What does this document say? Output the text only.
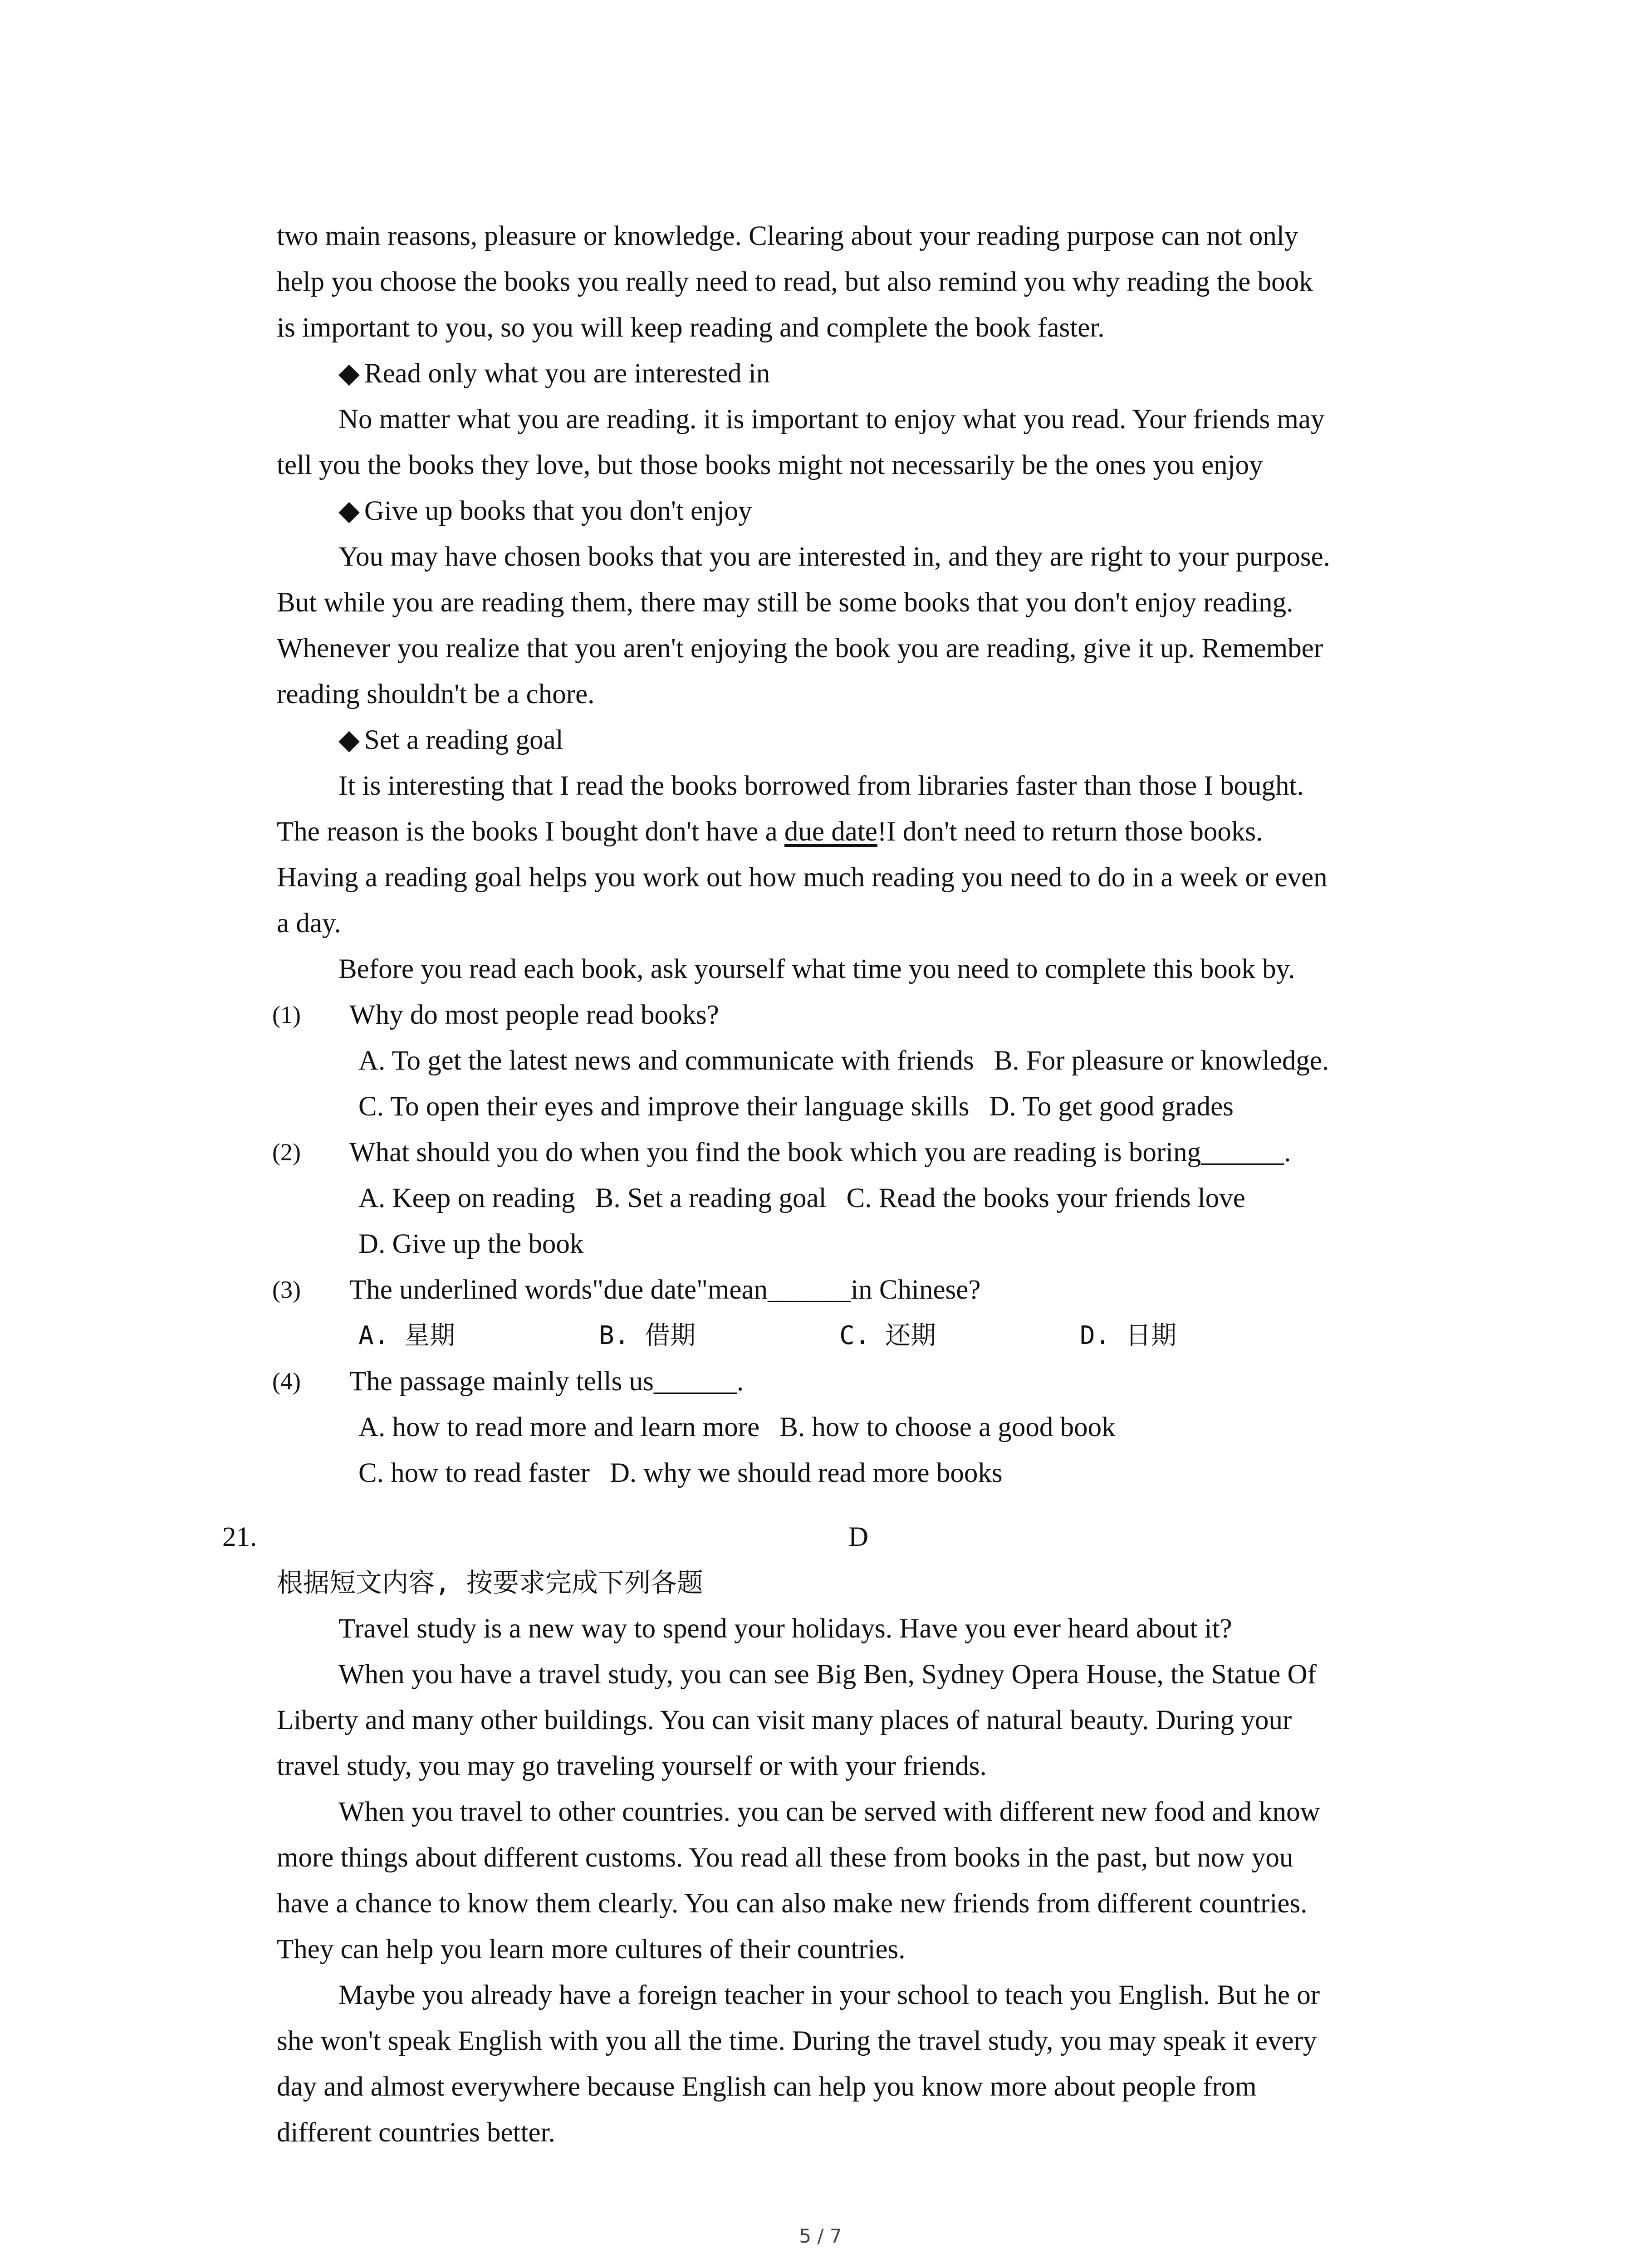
two main reasons, pleasure or knowledge. Clearing about your reading purpose can not only
help you choose the books you really need to read, but also remind you why reading the book
is important to you, so you will keep reading and complete the book faster.
◆ Read only what you are interested in
No matter what you are reading. it is important to enjoy what you read. Your friends may
tell you the books they love, but those books might not necessarily be the ones you enjoy
◆ Give up books that you don't enjoy
You may have chosen books that you are interested in, and they are right to your purpose.
But while you are reading them, there may still be some books that you don't enjoy reading.
Whenever you realize that you aren't enjoying the book you are reading, give it up. Remember
reading shouldn't be a chore.
◆ Set a reading goal
It is interesting that I read the books borrowed from libraries faster than those I bought.
The reason is the books I bought don't have a due date!I don't need to return those books.
Having a reading goal helps you work out how much reading you need to do in a week or even
a day.
Before you read each book, ask yourself what time you need to complete this book by.
(1) Why do most people read books?
A. To get the latest news and communicate with friends B. For pleasure or knowledge.
C. To open their eyes and improve their language skills D. To get good grades
(2) What should you do when you find the book which you are reading is boring______.
A. Keep on reading B. Set a reading goal C. Read the books your friends love
D. Give up the book
(3) The underlined words"due date"mean______in Chinese?
A. 星期	B. 借期	C. 还期	D. 日期
(4) The passage mainly tells us______.
A. how to read more and learn more B. how to choose a good book
C. how to read faster D. why we should read more books
21.	D
根据短文内容, 按要求完成下列各题
Travel study is a new way to spend your holidays. Have you ever heard about it?
When you have a travel study, you can see Big Ben, Sydney Opera House, the Statue Of
Liberty and many other buildings. You can visit many places of natural beauty. During your
travel study, you may go traveling yourself or with your friends.
When you travel to other countries. you can be served with different new food and know
more things about different customs. You read all these from books in the past, but now you
have a chance to know them clearly. You can also make new friends from different countries.
They can help you learn more cultures of their countries.
Maybe you already have a foreign teacher in your school to teach you English. But he or
she won't speak English with you all the time. During the travel study, you may speak it every
day and almost everywhere because English can help you know more about people from
different countries better.
5 / 7
